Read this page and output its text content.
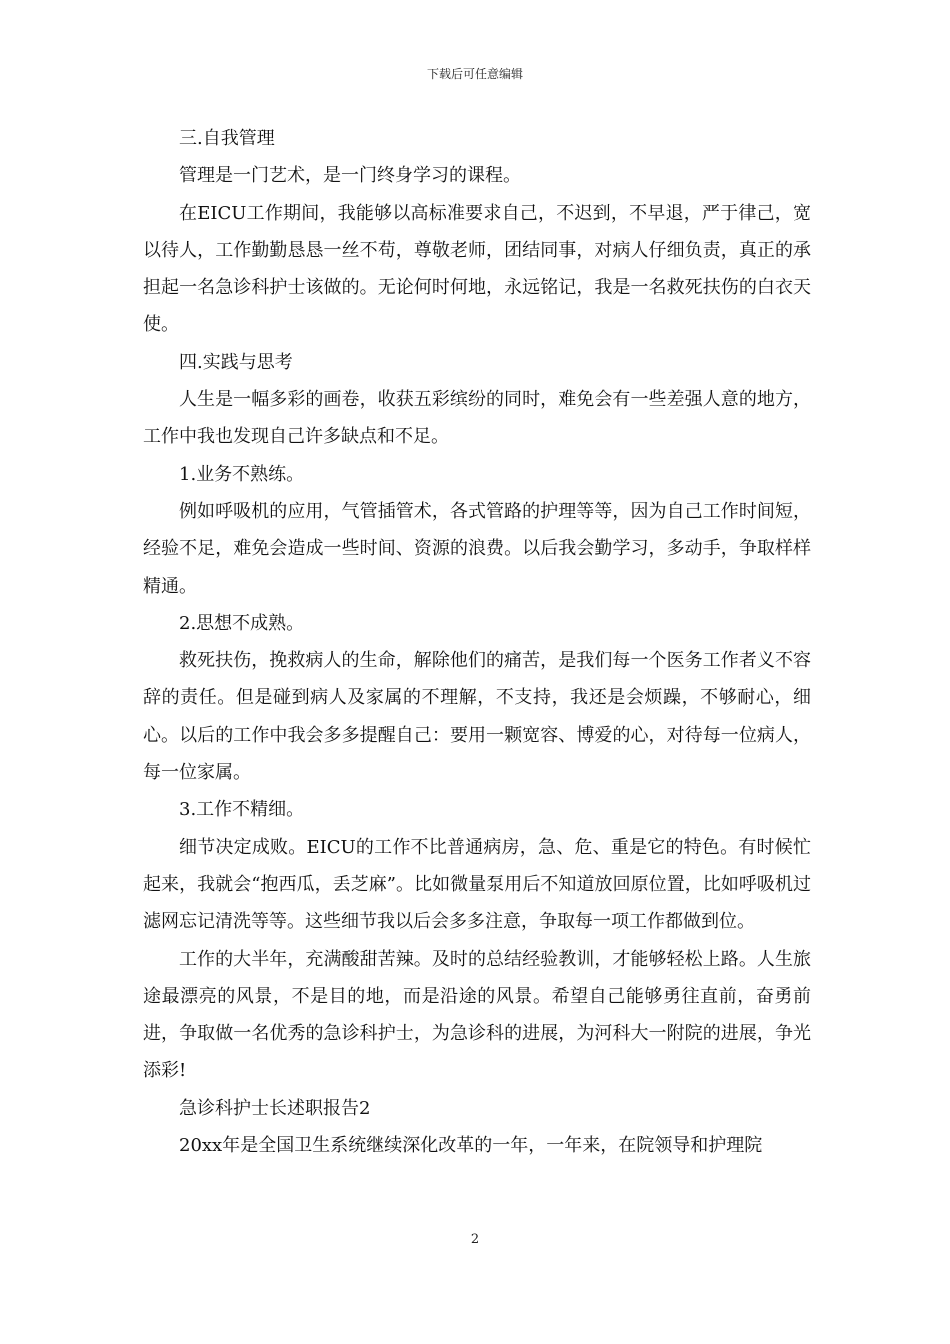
下载后可任意编辑

三.自我管理

管理是一门艺术，是一门终身学习的课程。

在EICU工作期间，我能够以高标准要求自己，不迟到，不早退，严于律己，宽以待人，工作勤勤恳恳一丝不苟，尊敬老师，团结同事，对病人仔细负责，真正的承担起一名急诊科护士该做的。无论何时何地，永远铭记，我是一名救死扶伤的白衣天使。

四.实践与思考

人生是一幅多彩的画卷，收获五彩缤纷的同时，难免会有一些差强人意的地方，工作中我也发现自己许多缺点和不足。

1.业务不熟练。

例如呼吸机的应用，气管插管术，各式管路的护理等等，因为自己工作时间短，经验不足，难免会造成一些时间、资源的浪费。以后我会勤学习，多动手，争取样样精通。

2.思想不成熟。

救死扶伤，挽救病人的生命，解除他们的痛苦，是我们每一个医务工作者义不容辞的责任。但是碰到病人及家属的不理解，不支持，我还是会烦躁，不够耐心，细心。以后的工作中我会多多提醒自己：要用一颗宽容、博爱的心，对待每一位病人，每一位家属。

3.工作不精细。

细节决定成败。EICU的工作不比普通病房，急、危、重是它的特色。有时候忙起来，我就会“抱西瓜，丢芝麻”。比如微量泵用后不知道放回原位置，比如呼吸机过滤网忘记清洗等等。这些细节我以后会多多注意，争取每一项工作都做到位。

工作的大半年，充满酸甜苦辣。及时的总结经验教训，才能够轻松上路。人生旅途最漂亮的风景，不是目的地，而是沿途的风景。希望自己能够勇往直前，奋勇前进，争取做一名优秀的急诊科护士，为急诊科的进展，为河科大一附院的进展，争光添彩!

急诊科护士长述职报告2

20xx年是全国卫生系统继续深化改革的一年，一年来，在院领导和护理院

2
